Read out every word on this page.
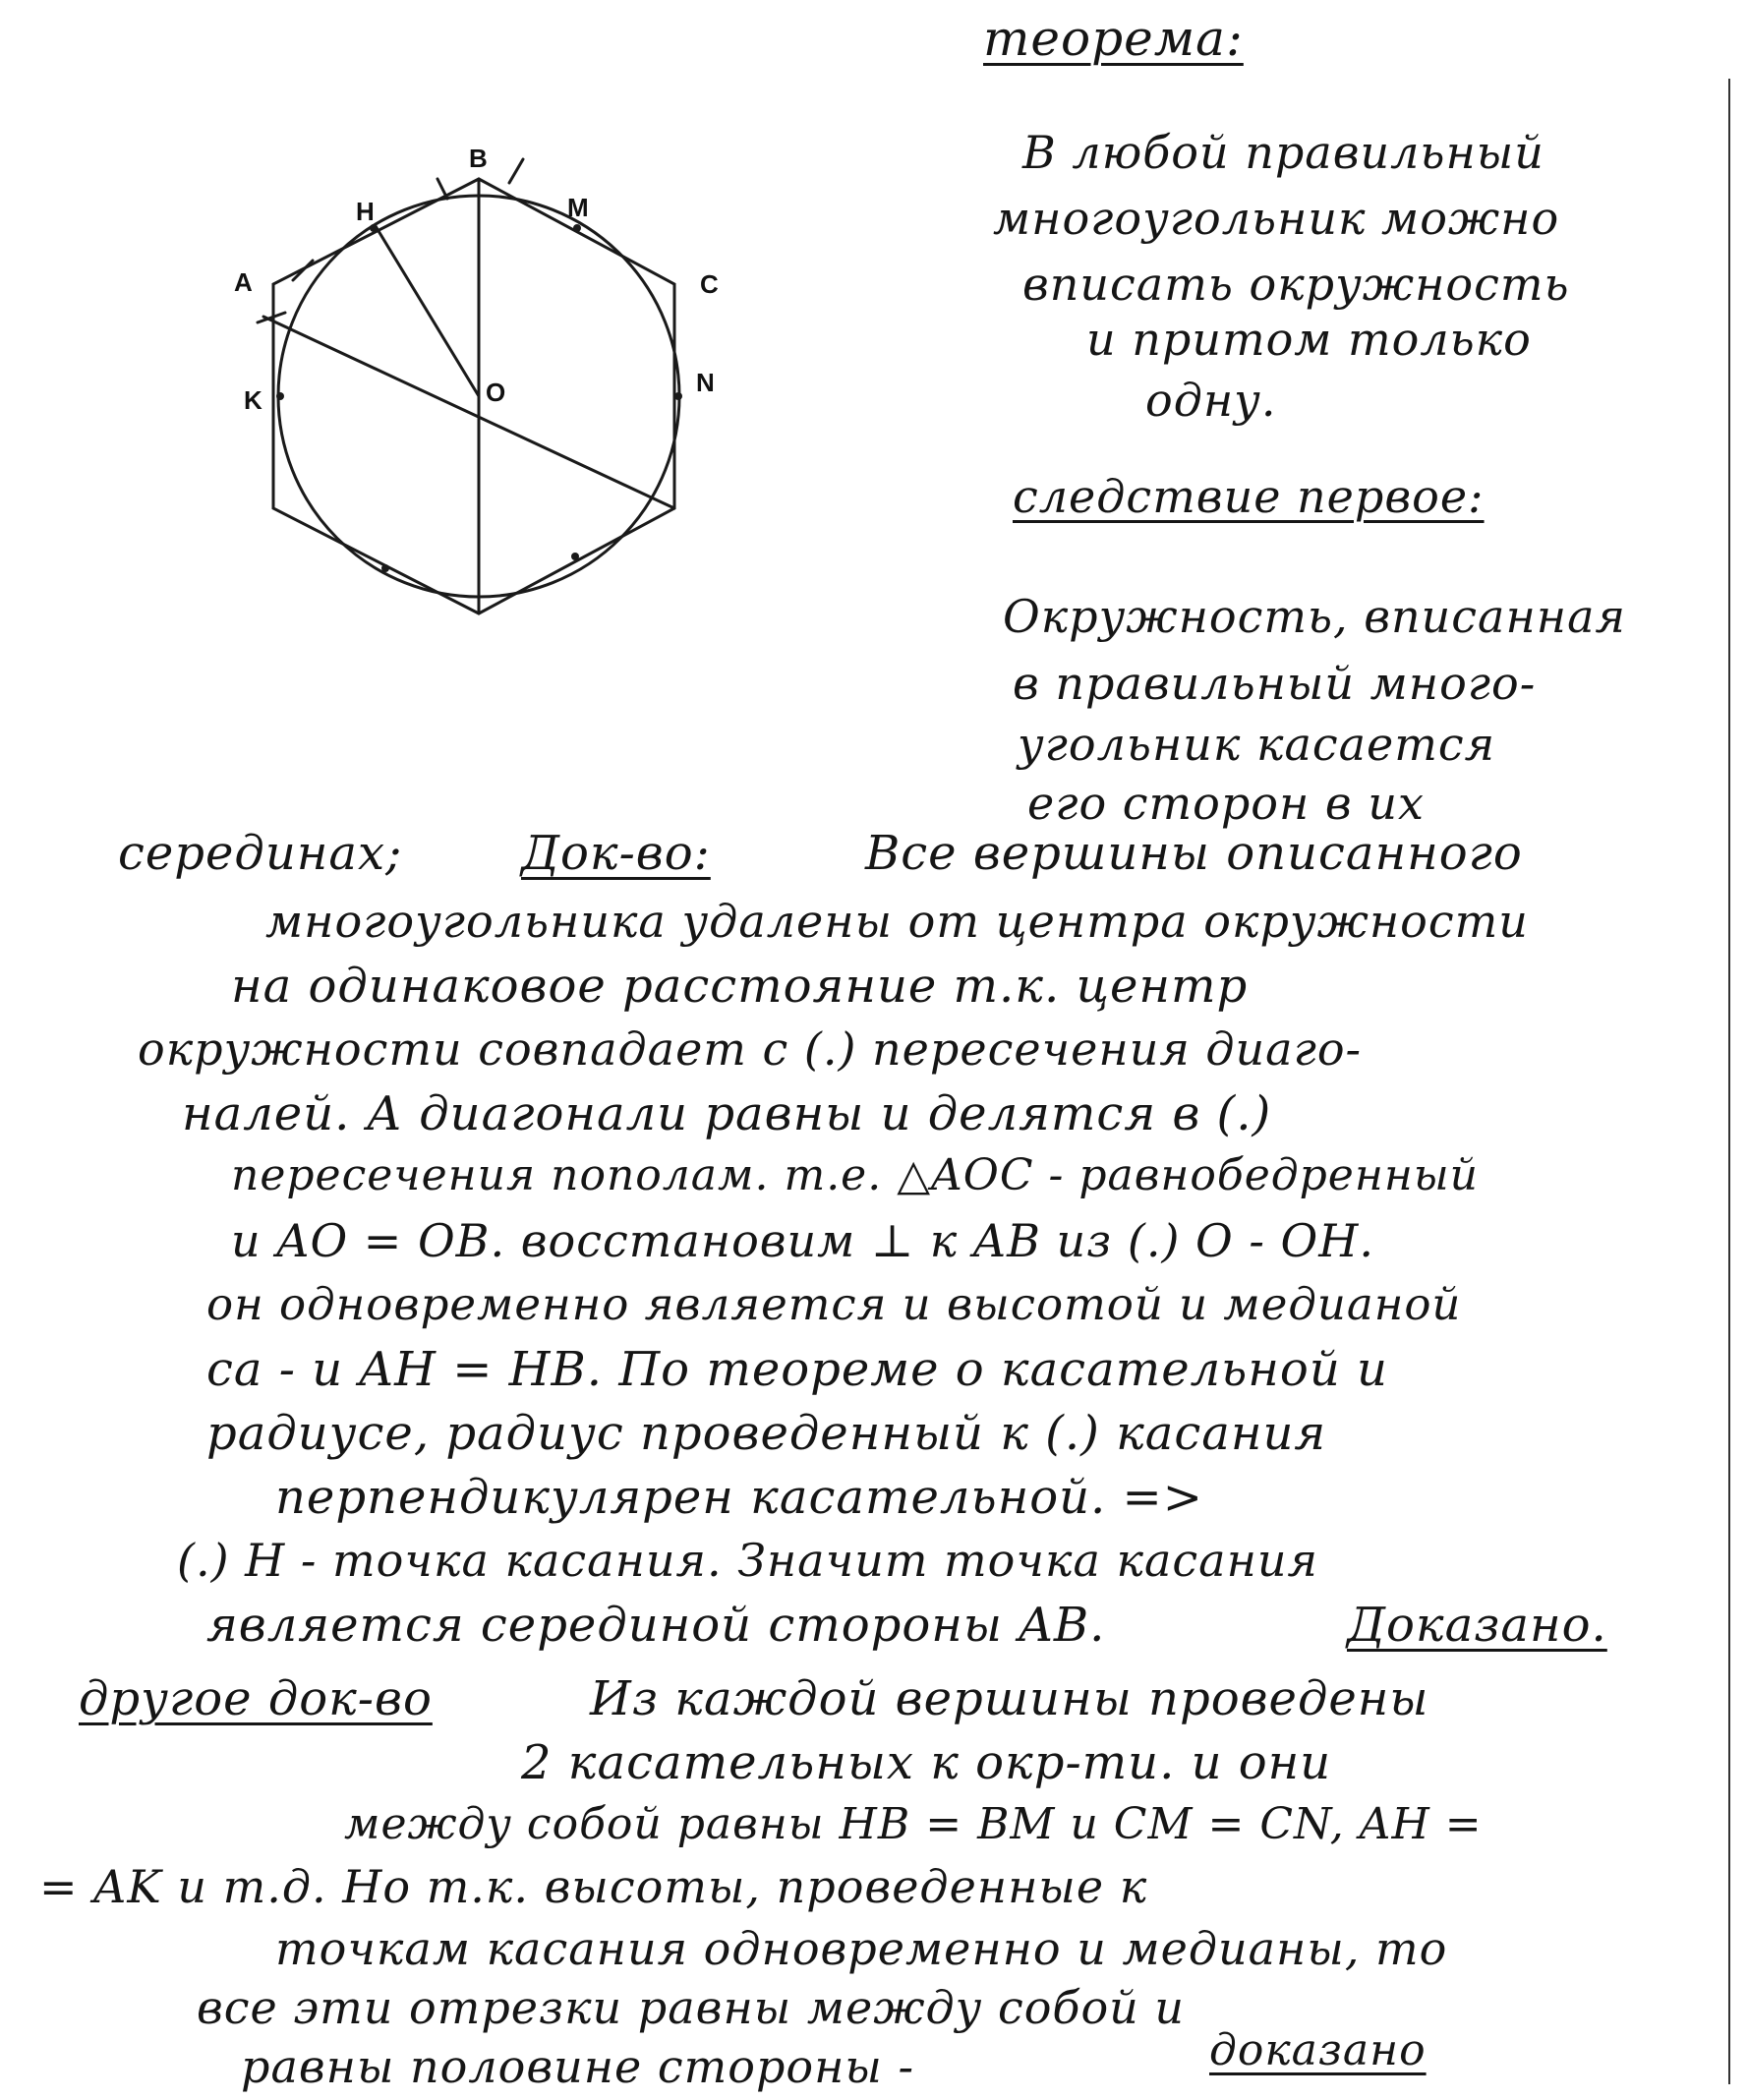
B
H	M
A	C
K	O	N
теорема:
В любой правильный
многоугольник можно
вписать окружность
и притом только
одну.
следствие первое:
Окружность, вписанная
в правильный много-
угольник касается
его сторон в их
серединах;	Док-во:	Все вершины описанного
многоугольника удалены от центра окружности
на одинаковое расстояние т.к. центр
окружности совпадает с (.) пересечения диаго-
налей. А диагонали равны и делятся в (.)
пересечения пополам. т.е. △AOC - равнобедренный
и AO = OB. восстановим ⊥ к AB из (.) O - OH.
он одновременно является и высотой и медианой
са - и AH = HB. По теореме о касательной и
радиусе, радиус проведенный к (.) касания
перпендикулярен касательной. =>
(.) H - точка касания. Значит точка касания
является серединой стороны AB.	Доказано.
другое док-во	Из каждой вершины проведены
2 касательных к окр-ти. и они
между собой равны HB = BM и CM = CN, AH =
= AK и т.д. Но т.к. высоты, проведенные к
точкам касания одновременно и медианы, то
все эти отрезки равны между собой и
равны половине стороны -	доказано
